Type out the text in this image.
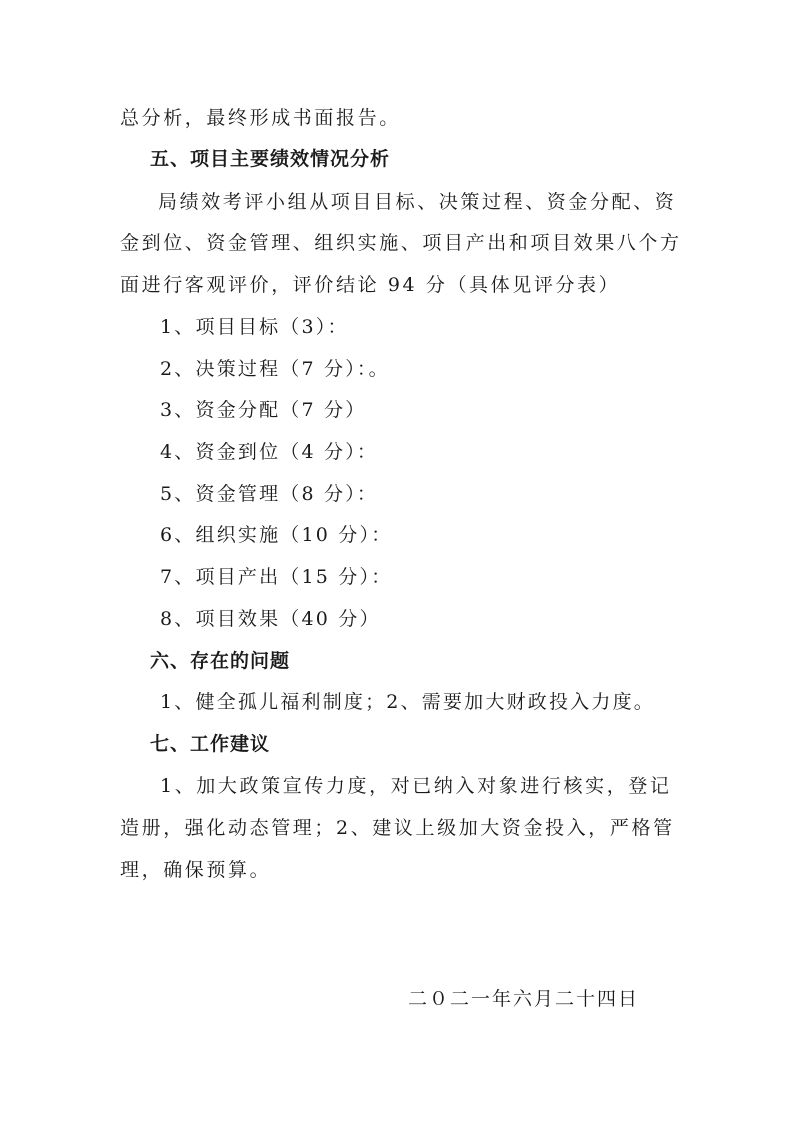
总分析，最终形成书面报告。
五、项目主要绩效情况分析
局绩效考评小组从项目目标、决策过程、资金分配、资
金到位、资金管理、组织实施、项目产出和项目效果八个方
面进行客观评价，评价结论 94 分（具体见评分表）
1、项目目标（3）：
2、决策过程（7 分）：。
3、资金分配（7 分）
4、资金到位（4 分）：
5、资金管理（8 分）：
6、组织实施（10 分）：
7、项目产出（15 分）：
8、项目效果（40 分）
六、存在的问题
1、健全孤儿福利制度；2、需要加大财政投入力度。
七、工作建议
1、加大政策宣传力度，对已纳入对象进行核实，登记
造册，强化动态管理；2、建议上级加大资金投入，严格管
理，确保预算。
二０二一年六月二十四日
